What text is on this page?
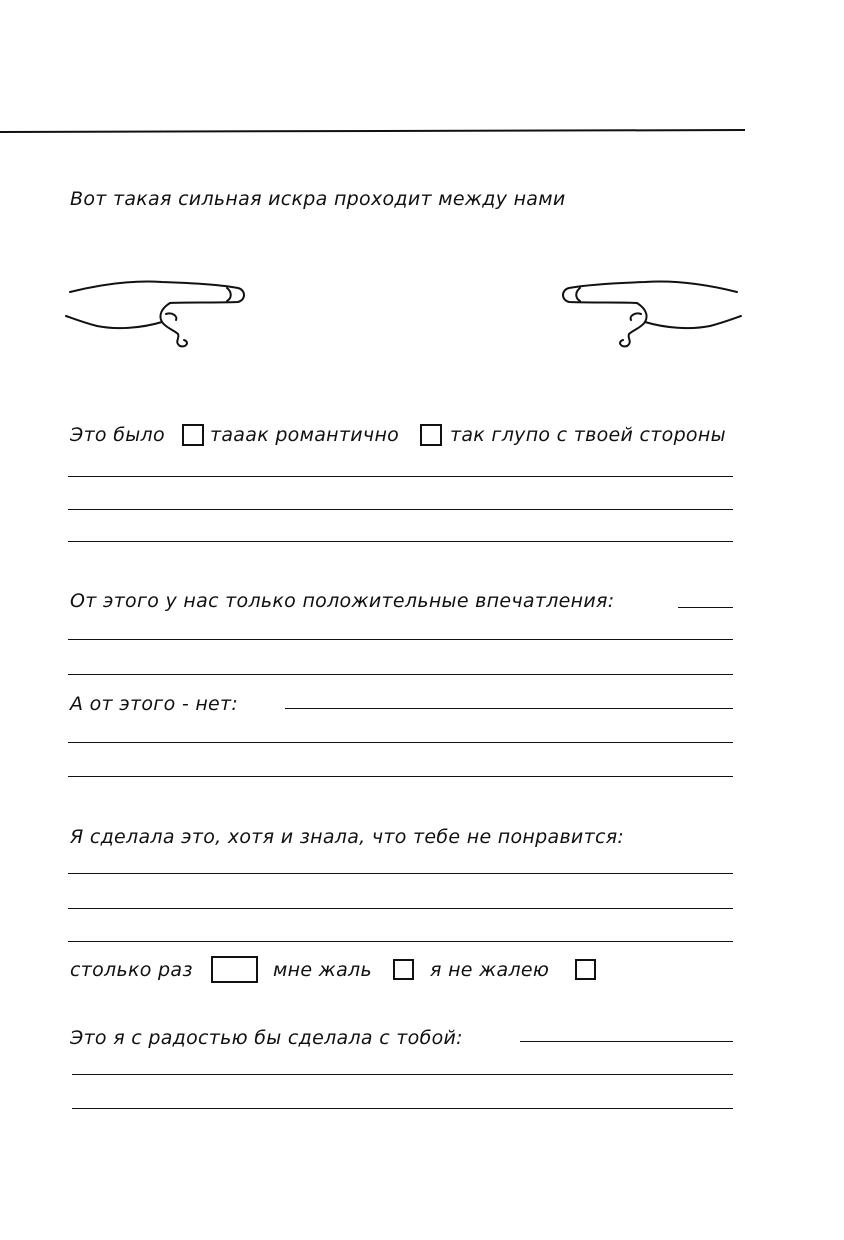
Вот такая сильная искра проходит между нами
Это было тааак романтично	так глупо с твоей стороны
От этого у нас только положительные впечатления:
А от этого - нет:
Я сделала это, хотя и знала, что тебе не понравится:
столько раз	мне жаль	я не жалею
Это я с радостью бы сделала с тобой:
